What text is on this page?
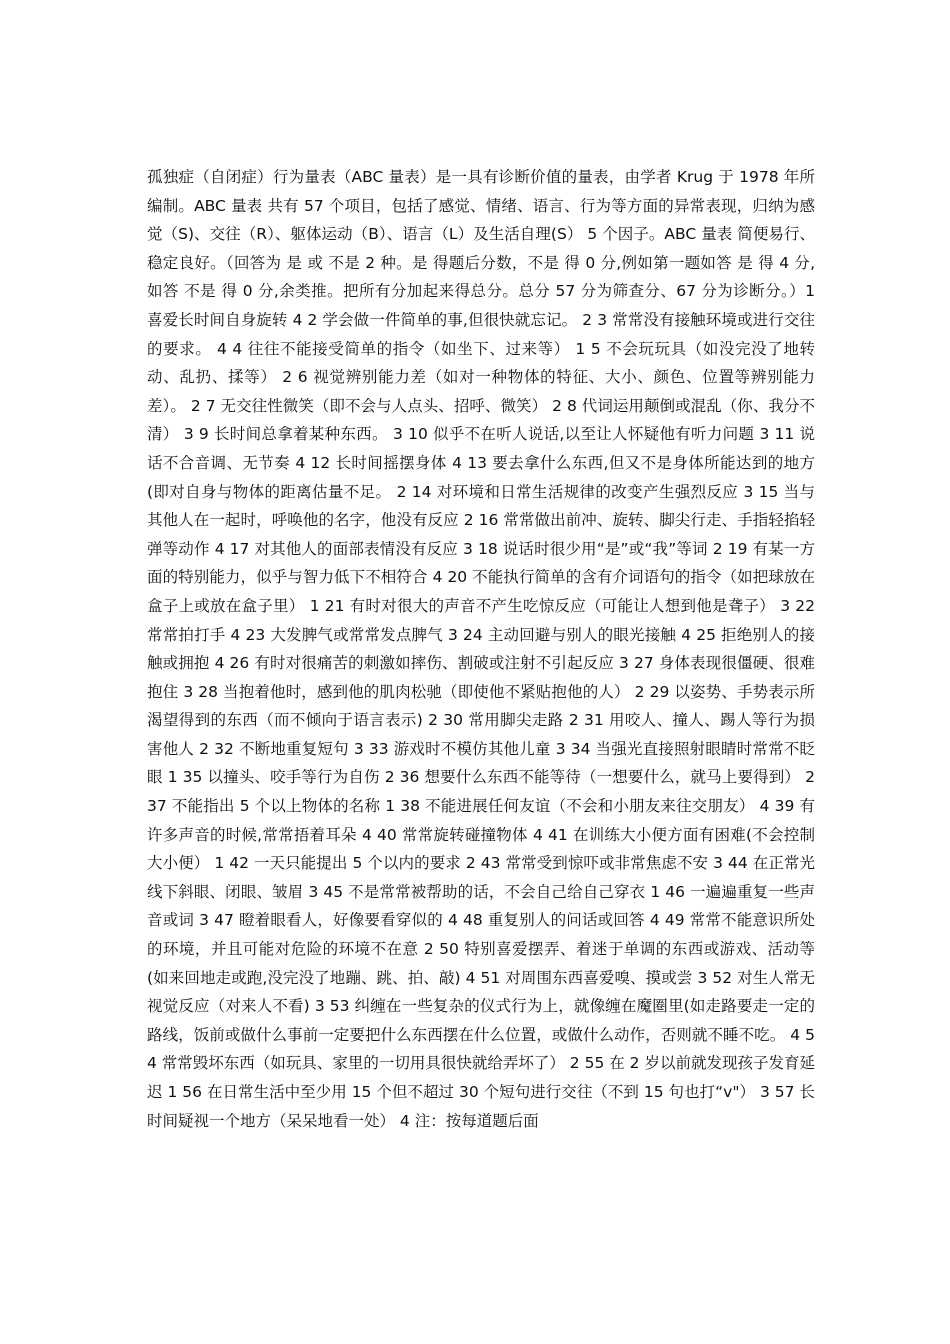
孤独症（自闭症）行为量表（ABC 量表）是一具有诊断价值的量表，由学者 Krug 于 1978 年所编制。ABC 量表 共有 57 个项目，包括了感觉、情绪、语言、行为等方面的异常表现，归纳为感觉（S)、交往（R）、躯体运动（B）、语言（L）及生活自理(S） 5 个因子。ABC 量表 简便易行、稳定良好。（回答为 是 或 不是 2 种。是 得题后分数，不是 得 0 分,例如第一题如答 是 得 4 分,如答 不是 得 0 分,余类推。把所有分加起来得总分。总分 57 分为筛查分、67 分为诊断分。）1 喜爱长时间自身旋转 4 2 学会做一件简单的事,但很快就忘记。 2 3 常常没有接触环境或进行交往的要求。 4 4 往往不能接受简单的指令（如坐下、过来等） 1 5 不会玩玩具（如没完没了地转动、乱扔、揉等） 2 6 视觉辨别能力差（如对一种物体的特征、大小、颜色、位置等辨别能力差）。 2 7 无交往性微笑（即不会与人点头、招呼、微笑） 2 8 代词运用颠倒或混乱（你、我分不清） 3 9 长时间总拿着某种东西。 3 10 似乎不在听人说话,以至让人怀疑他有听力问题 3 11 说话不合音调、无节奏 4 12 长时间摇摆身体 4 13 要去拿什么东西,但又不是身体所能达到的地方(即对自身与物体的距离估量不足。 2 14 对环境和日常生活规律的改变产生强烈反应 3 15 当与其他人在一起时，呼唤他的名字，他没有反应 2 16 常常做出前冲、旋转、脚尖行走、手指轻掐轻弹等动作 4 17 对其他人的面部表情没有反应 3 18 说话时很少用“是”或“我”等词 2 19 有某一方面的特别能力，似乎与智力低下不相符合 4 20 不能执行简单的含有介词语句的指令（如把球放在盒子上或放在盒子里） 1 21 有时对很大的声音不产生吃惊反应（可能让人想到他是聋子） 3 22 常常拍打手 4 23 大发脾气或常常发点脾气 3 24 主动回避与别人的眼光接触 4 25 拒绝别人的接触或拥抱 4 26 有时对很痛苦的刺激如摔伤、割破或注射不引起反应 3 27 身体表现很僵硬、很难抱住 3 28 当抱着他时，感到他的肌肉松驰（即使他不紧贴抱他的人） 2 29 以姿势、手势表示所渴望得到的东西（而不倾向于语言表示) 2 30 常用脚尖走路 2 31 用咬人、撞人、踢人等行为损害他人 2 32 不断地重复短句 3 33 游戏时不模仿其他儿童 3 34 当强光直接照射眼睛时常常不眨眼 1 35 以撞头、咬手等行为自伤 2 36 想要什么东西不能等待（一想要什么，就马上要得到） 2 37 不能指出 5 个以上物体的名称 1 38 不能进展任何友谊（不会和小朋友来往交朋友） 4 39 有许多声音的时候,常常捂着耳朵 4 40 常常旋转碰撞物体 4 41 在训练大小便方面有困难(不会控制大小便） 1 42 一天只能提出 5 个以内的要求 2 43 常常受到惊吓或非常焦虑不安 3 44 在正常光线下斜眼、闭眼、皱眉 3 45 不是常常被帮助的话，不会自己给自己穿衣 1 46 一遍遍重复一些声音或词 3 47 瞪着眼看人，好像要看穿似的 4 48 重复别人的问话或回答 4 49 常常不能意识所处的环境，并且可能对危险的环境不在意 2 50 特别喜爱摆弄、着迷于单调的东西或游戏、活动等(如来回地走或跑,没完没了地蹦、跳、拍、敲) 4 51 对周围东西喜爱嗅、摸或尝 3 52 对生人常无视觉反应（对来人不看) 3 53 纠缠在一些复杂的仪式行为上，就像缠在魔圈里(如走路要走一定的路线，饭前或做什么事前一定要把什么东西摆在什么位置，或做什么动作，否则就不睡不吃。 4 54 常常毁坏东西（如玩具、家里的一切用具很快就给弄坏了） 2 55 在 2 岁以前就发现孩子发育延迟 1 56 在日常生活中至少用 15 个但不超过 30 个短句进行交往（不到 15 句也打“v"） 3 57 长时间疑视一个地方（呆呆地看一处） 4 注：按每道题后面
